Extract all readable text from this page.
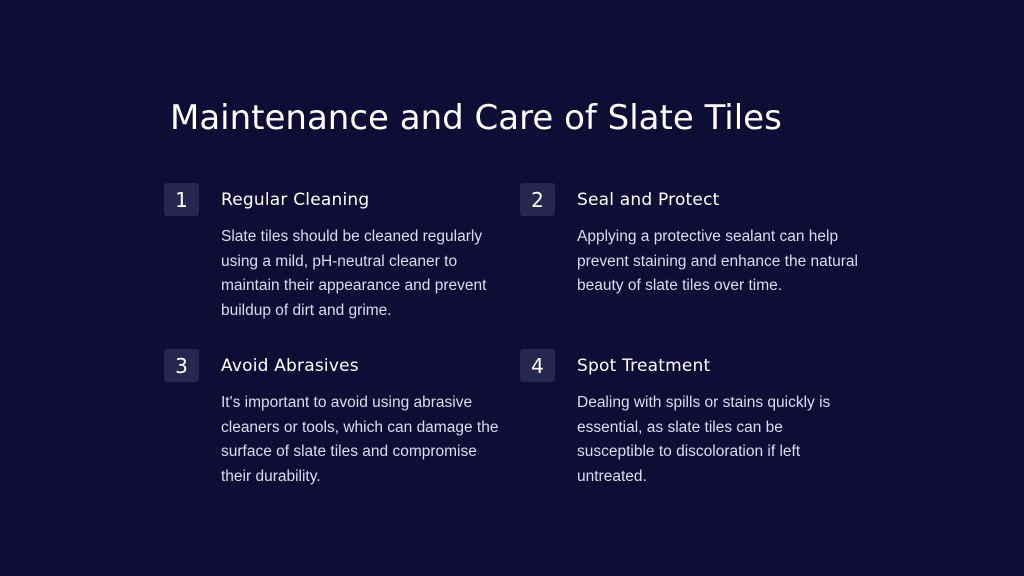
Maintenance and Care of Slate Tiles
1	Regular Cleaning

Slate tiles should be cleaned regularly using a mild, pH-neutral cleaner to maintain their appearance and prevent buildup of dirt and grime.

2	Seal and Protect

Applying a protective sealant can help prevent staining and enhance the natural beauty of slate tiles over time.

3	Avoid Abrasives

It's important to avoid using abrasive cleaners or tools, which can damage the surface of slate tiles and compromise their durability.

4	Spot Treatment

Dealing with spills or stains quickly is essential, as slate tiles can be susceptible to discoloration if left untreated.
